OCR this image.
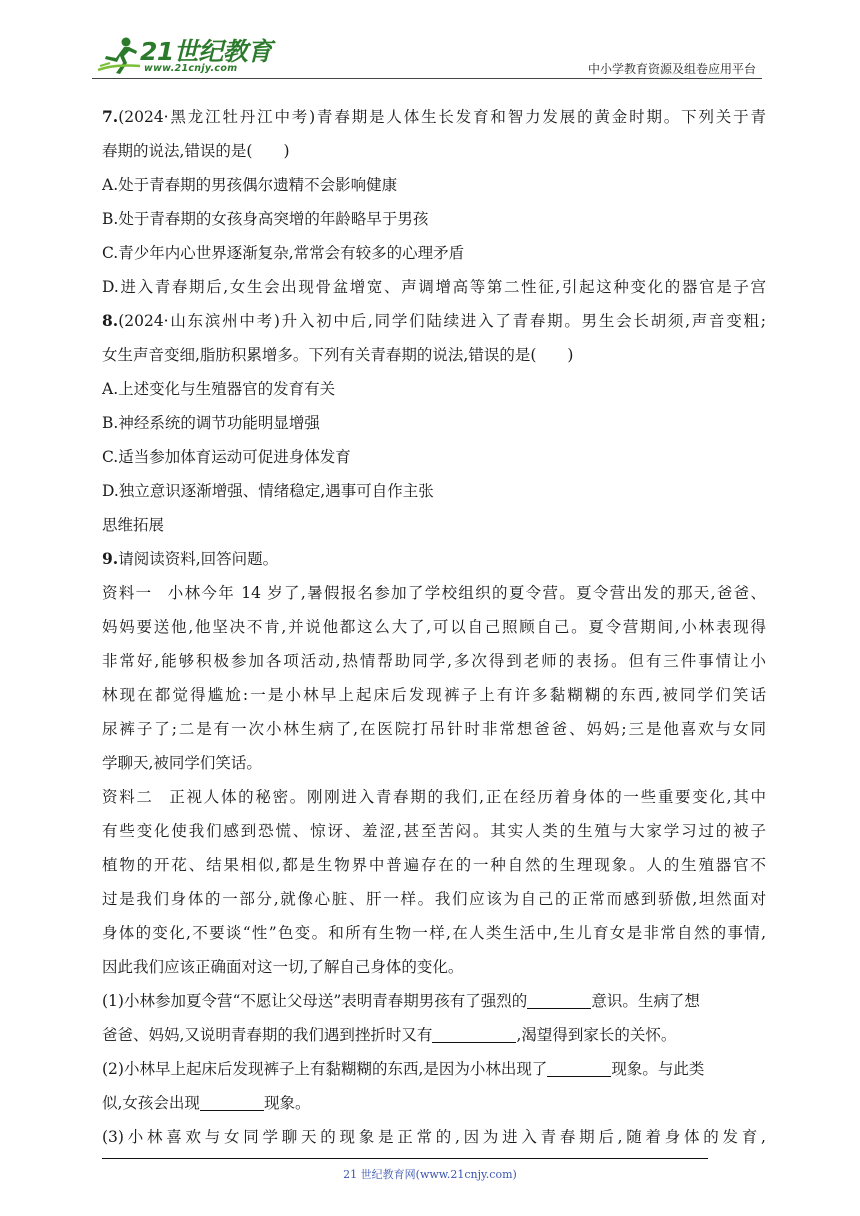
21世纪教育
www.21cnjy.com	中小学教育资源及组卷应用平台
7.(2024·黑龙江牡丹江中考)青春期是人体生长发育和智力发展的黄金时期。下列关于青
春期的说法,错误的是(　　)
A.处于青春期的男孩偶尔遗精不会影响健康
B.处于青春期的女孩身高突增的年龄略早于男孩
C.青少年内心世界逐渐复杂,常常会有较多的心理矛盾
D.进入青春期后,女生会出现骨盆增宽、声调增高等第二性征,引起这种变化的器官是子宫
8.(2024·山东滨州中考)升入初中后,同学们陆续进入了青春期。男生会长胡须,声音变粗;
女生声音变细,脂肪积累增多。下列有关青春期的说法,错误的是(　　)
A.上述变化与生殖器官的发育有关
B.神经系统的调节功能明显增强
C.适当参加体育运动可促进身体发育
D.独立意识逐渐增强、情绪稳定,遇事可自作主张
思维拓展
9.请阅读资料,回答问题。
资料一 小林今年 14 岁了,暑假报名参加了学校组织的夏令营。夏令营出发的那天,爸爸、
妈妈要送他,他坚决不肯,并说他都这么大了,可以自己照顾自己。夏令营期间,小林表现得
非常好,能够积极参加各项活动,热情帮助同学,多次得到老师的表扬。但有三件事情让小
林现在都觉得尴尬:一是小林早上起床后发现裤子上有许多黏糊糊的东西,被同学们笑话
尿裤子了;二是有一次小林生病了,在医院打吊针时非常想爸爸、妈妈;三是他喜欢与女同
学聊天,被同学们笑话。
资料二 正视人体的秘密。刚刚进入青春期的我们,正在经历着身体的一些重要变化,其中
有些变化使我们感到恐慌、惊讶、羞涩,甚至苦闷。其实人类的生殖与大家学习过的被子
植物的开花、结果相似,都是生物界中普遍存在的一种自然的生理现象。人的生殖器官不
过是我们身体的一部分,就像心脏、肝一样。我们应该为自己的正常而感到骄傲,坦然面对
身体的变化,不要谈“性”色变。和所有生物一样,在人类生活中,生儿育女是非常自然的事情,
因此我们应该正确面对这一切,了解自己身体的变化。
(1)小林参加夏令营“不愿让父母送”表明青春期男孩有了强烈的	意识。生病了想
爸爸、妈妈,又说明青春期的我们遇到挫折时又有	,渴望得到家长的关怀。
(2)小林早上起床后发现裤子上有黏糊糊的东西,是因为小林出现了	现象。与此类
似,女孩会出现	现象。
(3)小林喜欢与女同学聊天的现象是正常的,因为进入青春期后,随着身体的发育,
21 世纪教育网(www.21cnjy.com)
